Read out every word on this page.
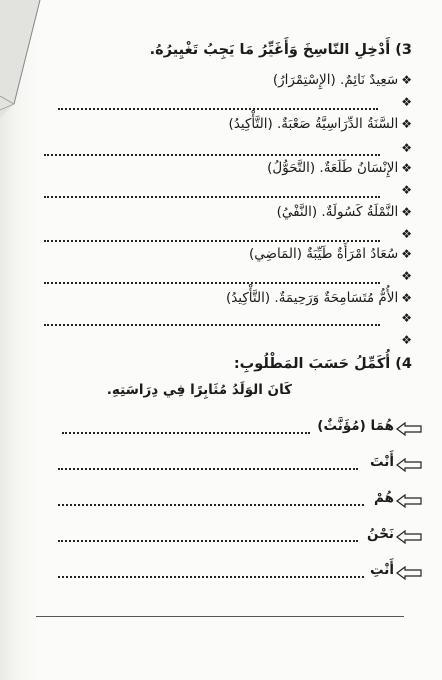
3) أَدْخِلِ النّاسِخَ وَأَغَيِّرُ مَا يَجِبُ تَغْيِيرُهُ.
❖
سَعِيدٌ نَائِمٌ. (الإِسْتِمْرَارُ)
❖
❖
السَّنَةُ الدِّرَاسِيَّةُ صَعْبَةٌ. (التَّأْكِيدُ)
❖
❖
الإِنْسَانُ طَلَعَةٌ. (التَّحَوُّلُ)
❖
❖
النَّمْلَةُ كَسُولَةٌ. (النَّفْيُ)
❖
❖
سُعَادُ امْرَأَةٌ طَيِّبَةٌ (المَاضِي)
❖
❖
الأُمُّ مُتَسَامِحَةٌ وَرَحِيمَةٌ. (التَّأْكِيدُ)
❖
❖
4) أُكَمِّلُ حَسَبَ المَطْلُوبِ:
كَانَ الوَلَدُ مُثَابِرًا فِي دِرَاسَتِهِ.
هُمَا (مُؤَنَّثٌ)
أَنْتَ
هُمْ
نَحْنُ
أَنْتِ
